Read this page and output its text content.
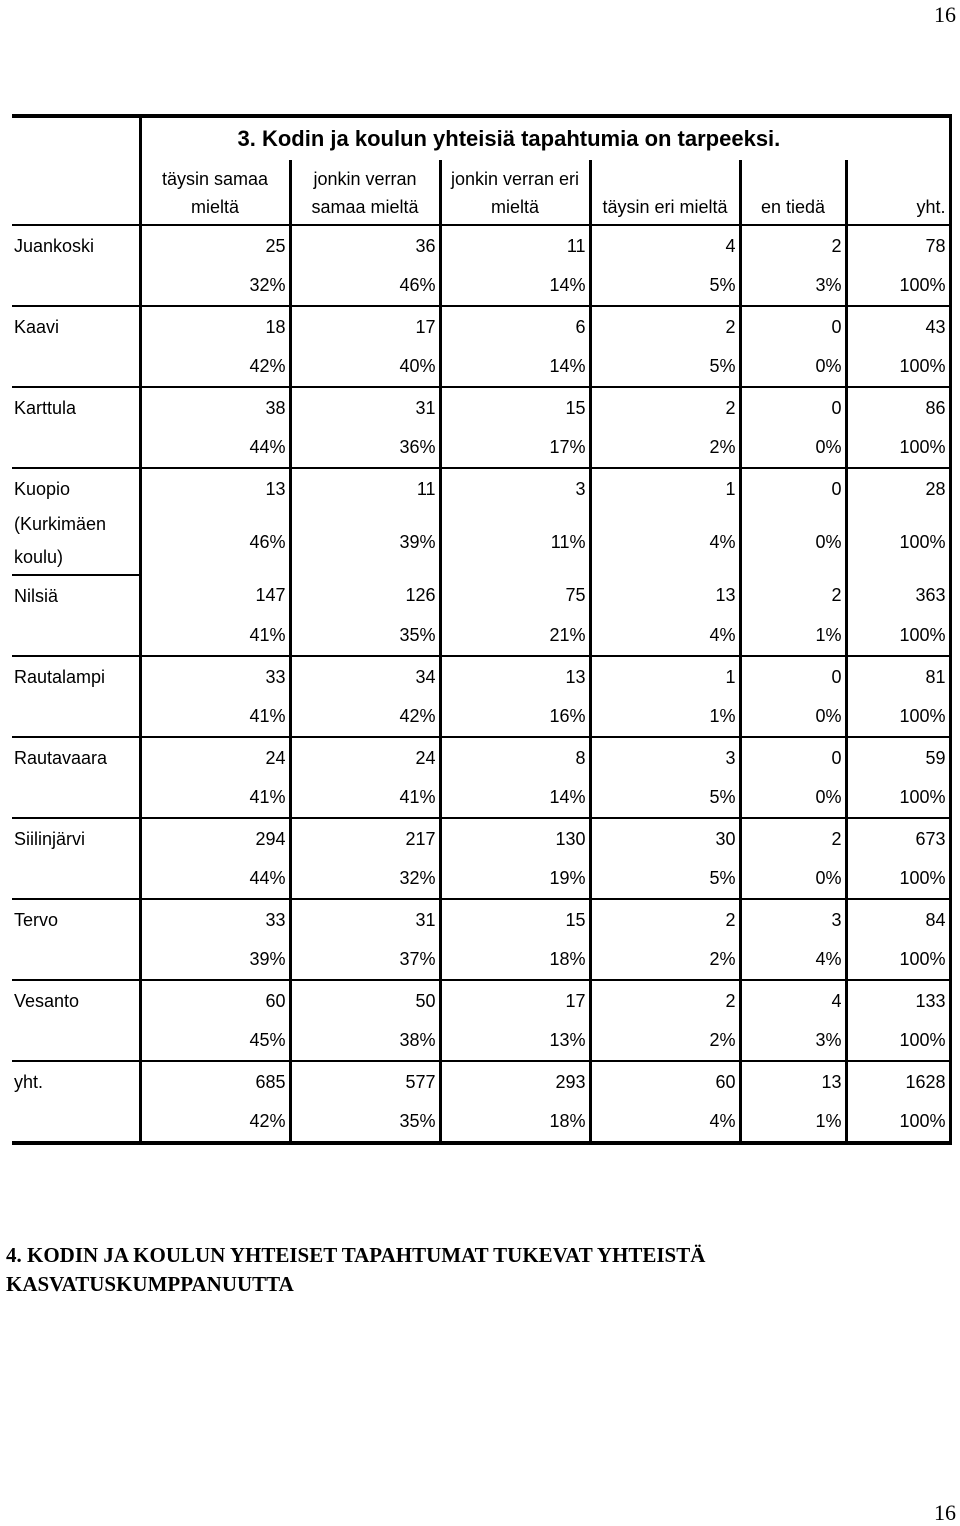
16
	3. Kodin ja koulun yhteisiä tapahtumia on tarpeeksi.					
	täysin samaa	jonkin verran	jonkin verran eri			
	mieltä	samaa mieltä	mieltä	täysin eri mieltä	en tiedä	yht.
Juankoski	25	36	11	4	2	78
	32%	46%	14%	5%	3%	100%
Kaavi	18	17	6	2	0	43
	42%	40%	14%	5%	0%	100%
Karttula	38	31	15	2	0	86
	44%	36%	17%	2%	0%	100%
Kuopio	13	11	3	1	0	28
(Kurkimäen	46%	39%	11%	4%	0%	100%
koulu)						
Nilsiä	147	126	75	13	2	363
	41%	35%	21%	4%	1%	100%
Rautalampi	33	34	13	1	0	81
	41%	42%	16%	1%	0%	100%
Rautavaara	24	24	8	3	0	59
	41%	41%	14%	5%	0%	100%
Siilinjärvi	294	217	130	30	2	673
	44%	32%	19%	5%	0%	100%
Tervo	33	31	15	2	3	84
	39%	37%	18%	2%	4%	100%
Vesanto	60	50	17	2	4	133
	45%	38%	13%	2%	3%	100%
yht.	685	577	293	60	13	1628
	42%	35%	18%	4%	1%	100%
4. KODIN JA KOULUN YHTEISET TAPAHTUMAT TUKEVAT YHTEISTÄ
KASVATUSKUMPPANUUTTA
16
